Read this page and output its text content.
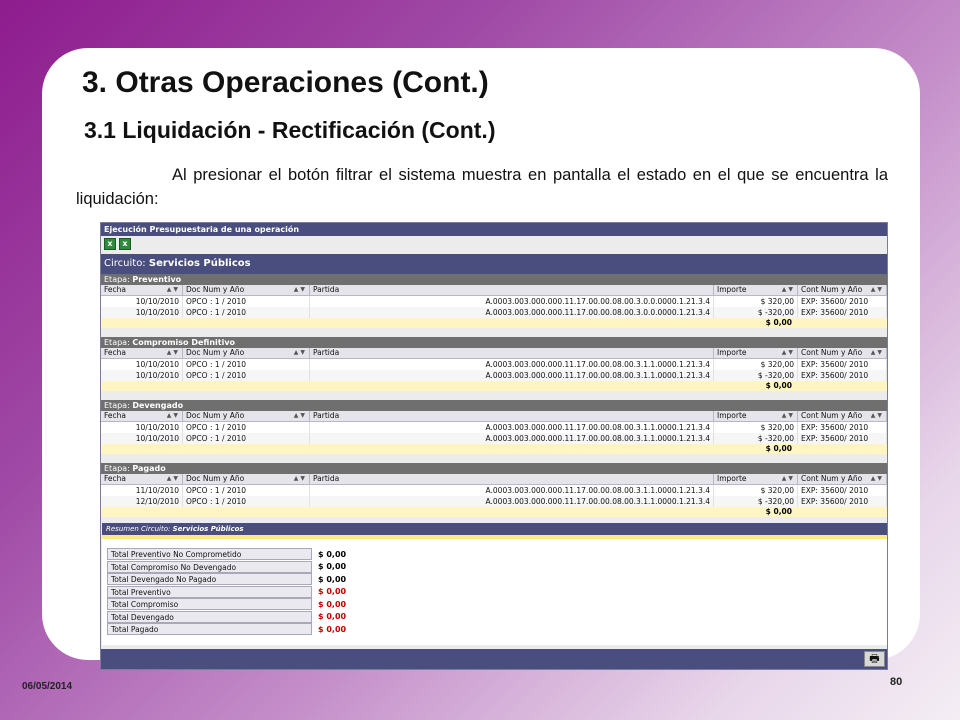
3. Otras Operaciones (Cont.)
3.1 Liquidación - Rectificación (Cont.)
Al presionar el botón filtrar el sistema muestra en pantalla el estado en el que se encuentra la liquidación:
Ejecución Presupuestaria de una operación
x	x
Circuito: Servicios Públicos
Etapa: Preventivo
Fecha	▲▼ Doc Num y Año	▲▼ Partida	Importe	▲▼ Cont Num y Año ▲▼
10/10/2010 OPCO : 1 / 2010	A.0003.003.000.000.11.17.00.00.08.00.3.0.0.0000.1.21.3.4	$ 320,00 EXP: 35600/ 2010
10/10/2010 OPCO : 1 / 2010	A.0003.003.000.000.11.17.00.00.08.00.3.0.0.0000.1.21.3.4	$ -320,00 EXP: 35600/ 2010
$ 0,00
Etapa: Compromiso Definitivo
Fecha	▲▼ Doc Num y Año	▲▼ Partida	Importe	▲▼ Cont Num y Año ▲▼
10/10/2010 OPCO : 1 / 2010	A.0003.003.000.000.11.17.00.00.08.00.3.1.1.0000.1.21.3.4	$ 320,00 EXP: 35600/ 2010
10/10/2010 OPCO : 1 / 2010	A.0003.003.000.000.11.17.00.00.08.00.3.1.1.0000.1.21.3.4	$ -320,00 EXP: 35600/ 2010
$ 0,00
Etapa: Devengado
Fecha	▲▼ Doc Num y Año	▲▼ Partida	Importe	▲▼ Cont Num y Año ▲▼
10/10/2010 OPCO : 1 / 2010	A.0003.003.000.000.11.17.00.00.08.00.3.1.1.0000.1.21.3.4	$ 320,00 EXP: 35600/ 2010
10/10/2010 OPCO : 1 / 2010	A.0003.003.000.000.11.17.00.00.08.00.3.1.1.0000.1.21.3.4	$ -320,00 EXP: 35600/ 2010
$ 0,00
Etapa: Pagado
Fecha	▲▼ Doc Num y Año	▲▼ Partida	Importe	▲▼ Cont Num y Año ▲▼
11/10/2010 OPCO : 1 / 2010	A.0003.003.000.000.11.17.00.00.08.00.3.1.1.0000.1.21.3.4	$ 320,00 EXP: 35600/ 2010
12/10/2010 OPCO : 1 / 2010	A.0003.003.000.000.11.17.00.00.08.00.3.1.1.0000.1.21.3.4	$ -320,00 EXP: 35600/ 2010
$ 0,00
Resumen Circuito: Servicios Públicos
Total Preventivo No Comprometido	$ 0,00
Total Compromiso No Devengado	$ 0,00
Total Devengado No Pagado	$ 0,00
Total Preventivo	$ 0,00
Total Compromiso	$ 0,00
Total Devengado	$ 0,00
Total Pagado	$ 0,00
🖶
06/05/2014	80
